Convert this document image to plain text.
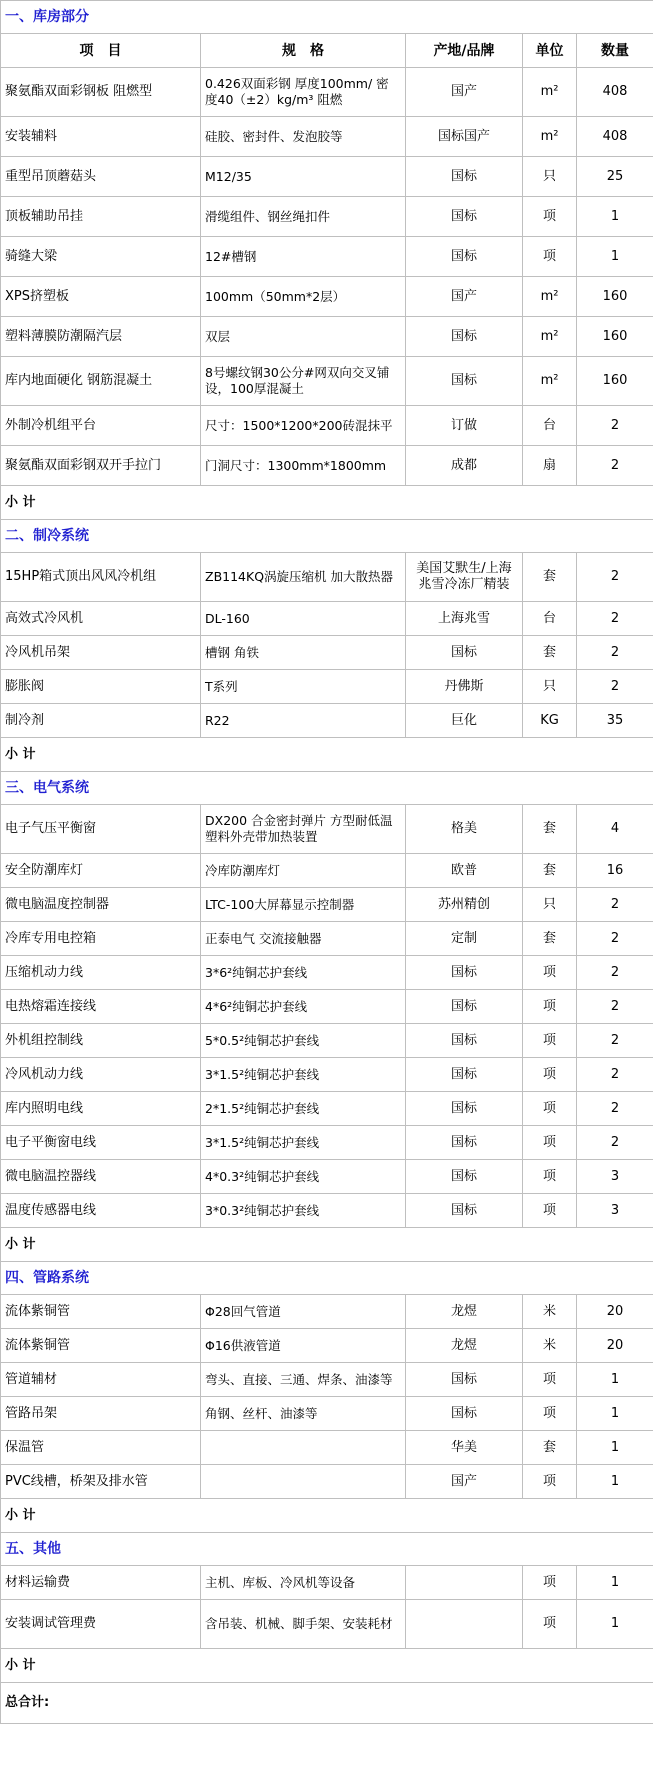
一、库房部分				
项　目	规　格	产地/品牌	单位	数量
聚氨酯双面彩钢板 阻燃型	0.426双面彩钢 厚度100mm/ 密度40（±2）kg/m³ 阻燃	国产	m²	408
安装辅料	硅胶、密封件、发泡胶等	国标国产	m²	408
重型吊顶蘑菇头	M12/35	国标	只	25
顶板辅助吊挂	滑缆组件、钢丝绳扣件	国标	项	1
骑缝大梁	12#槽钢	国标	项	1
XPS挤塑板	100mm（50mm*2层）	国产	m²	160
塑料薄膜防潮隔汽层	双层	国标	m²	160
库内地面硬化 钢筋混凝土	8号螺纹钢30公分#网双向交叉铺设，100厚混凝土	国标	m²	160
外制冷机组平台	尺寸：1500*1200*200砖混抹平	订做	台	2
聚氨酯双面彩钢双开手拉门	门洞尺寸：1300mm*1800mm	成都	扇	2
小 计				
二、制冷系统				
15HP箱式顶出风风冷机组	ZB114KQ涡旋压缩机 加大散热器	美国艾默生/上海兆雪冷冻厂精装	套	2
高效式冷风机	DL-160	上海兆雪	台	2
冷风机吊架	槽钢 角铁	国标	套	2
膨胀阀	T系列	丹佛斯	只	2
制冷剂	R22	巨化	KG	35
小 计				
三、电气系统				
电子气压平衡窗	DX200 合金密封弹片 方型耐低温塑料外壳带加热装置	格美	套	4
安全防潮库灯	冷库防潮库灯	欧普	套	16
微电脑温度控制器	LTC-100大屏幕显示控制器	苏州精创	只	2
冷库专用电控箱	正泰电气 交流接触器	定制	套	2
压缩机动力线	3*6²纯铜芯护套线	国标	项	2
电热熔霜连接线	4*6²纯铜芯护套线	国标	项	2
外机组控制线	5*0.5²纯铜芯护套线	国标	项	2
冷风机动力线	3*1.5²纯铜芯护套线	国标	项	2
库内照明电线	2*1.5²纯铜芯护套线	国标	项	2
电子平衡窗电线	3*1.5²纯铜芯护套线	国标	项	2
微电脑温控器线	4*0.3²纯铜芯护套线	国标	项	3
温度传感器电线	3*0.3²纯铜芯护套线	国标	项	3
小 计				
四、管路系统				
流体紫铜管	Φ28回气管道	龙煜	米	20
流体紫铜管	Φ16供液管道	龙煜	米	20
管道辅材	弯头、直接、三通、焊条、油漆等	国标	项	1
管路吊架	角钢、丝杆、油漆等	国标	项	1
保温管		华美	套	1
PVC线槽，桥架及排水管		国产	项	1
小 计				
五、其他				
材料运输费	主机、库板、冷风机等设备		项	1
安装调试管理费	含吊装、机械、脚手架、安装耗材		项	1
小 计				
总合计:				
